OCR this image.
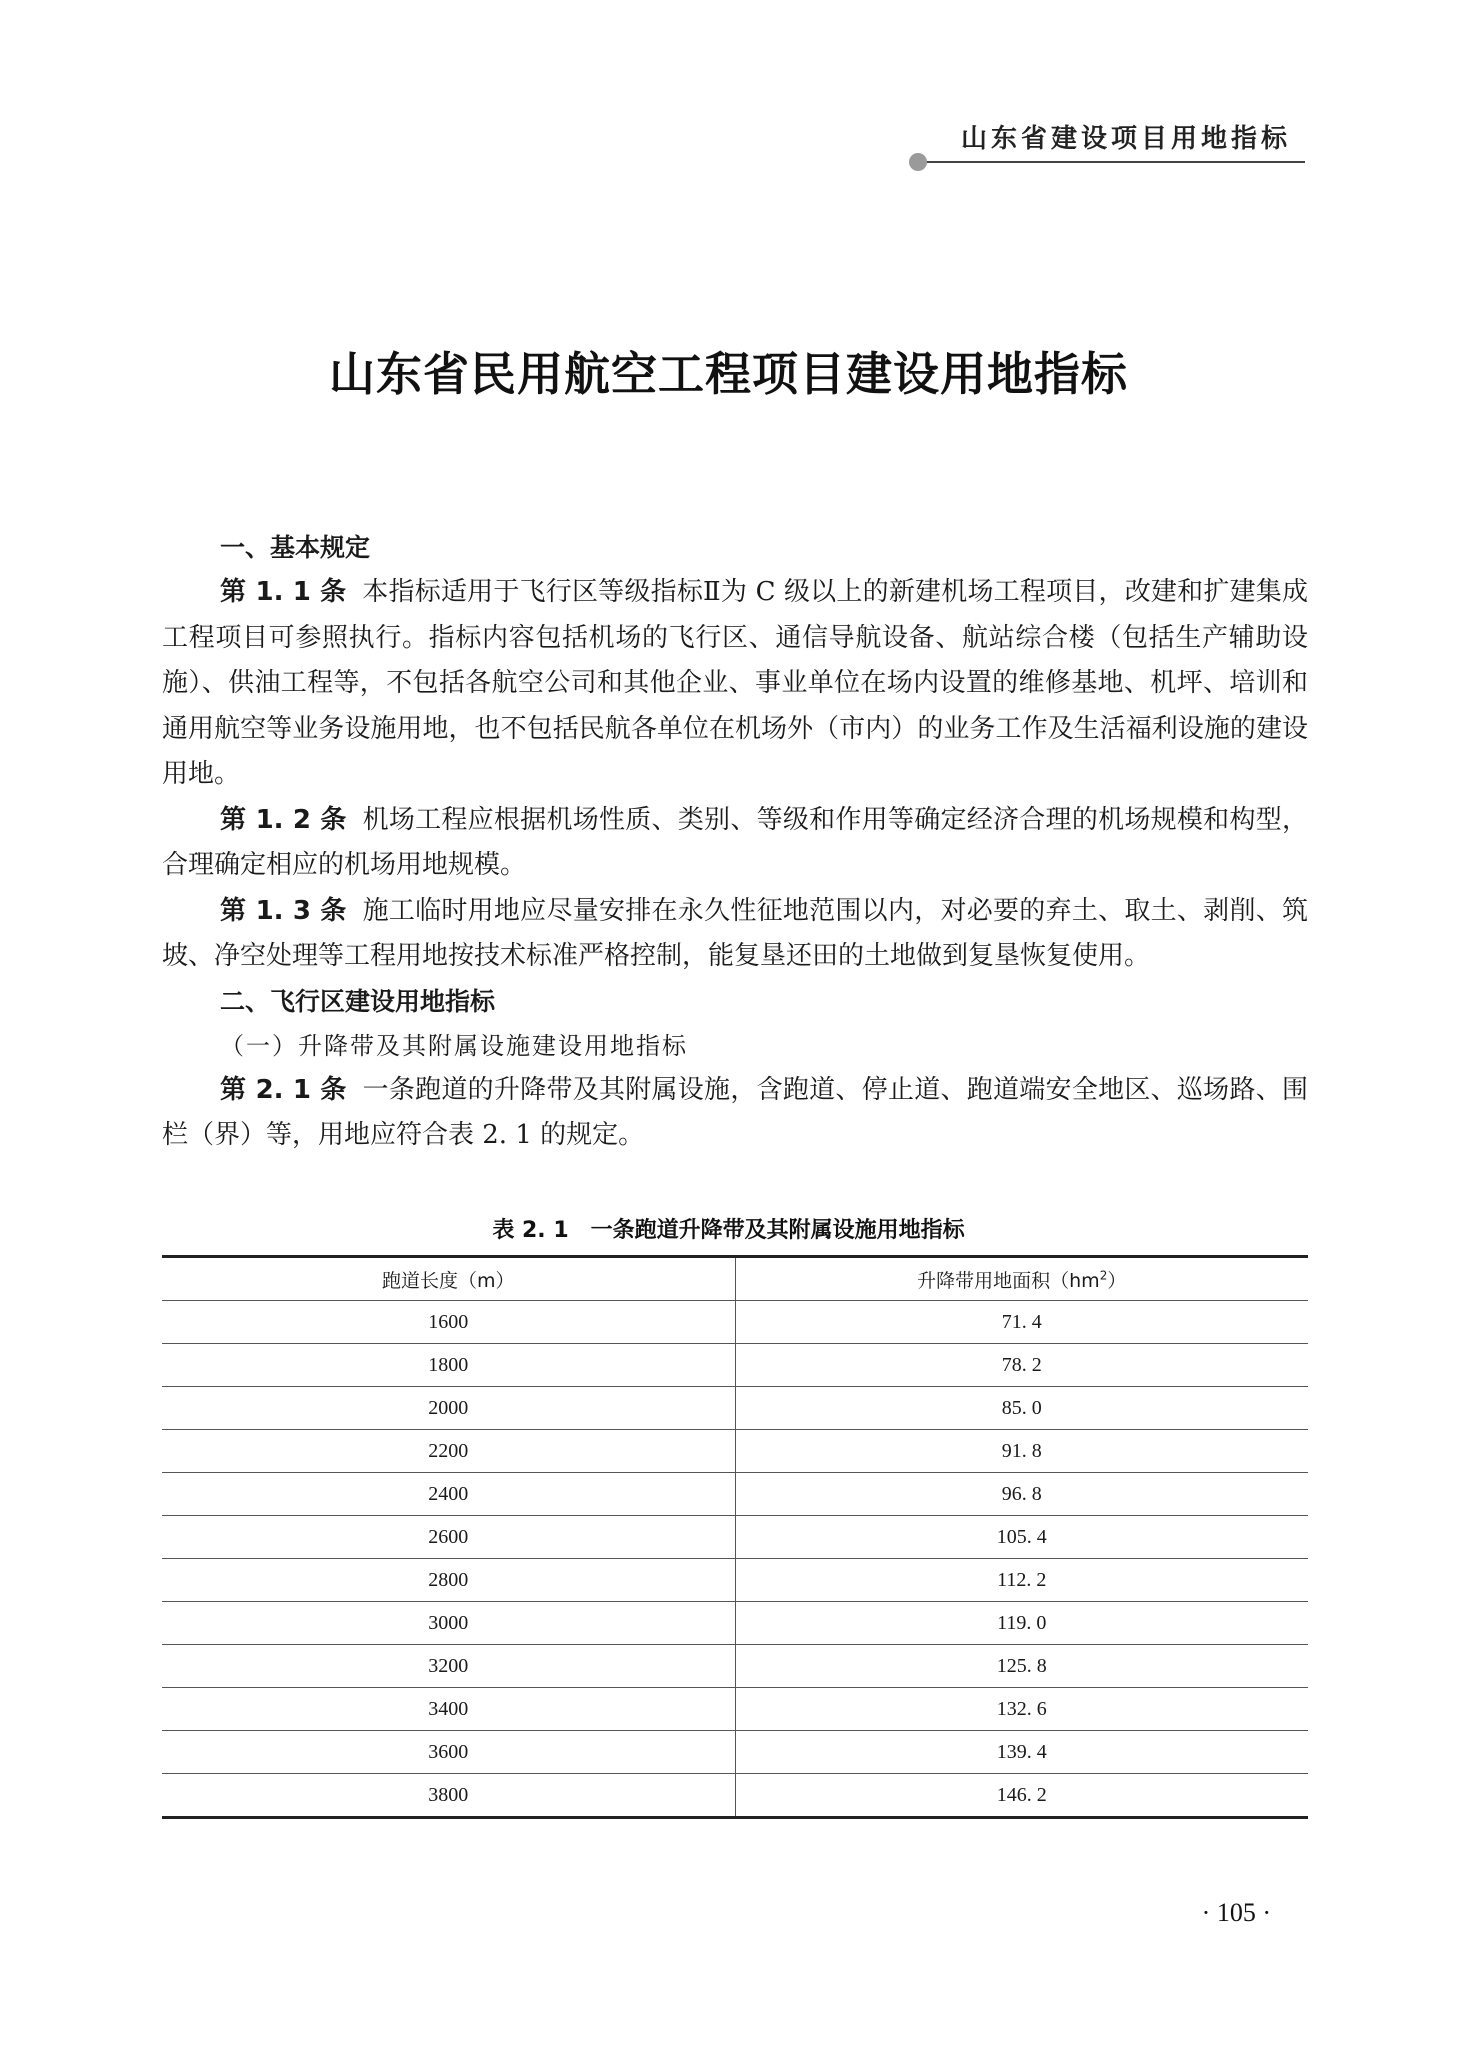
山东省建设项目用地指标
山东省民用航空工程项目建设用地指标

一、基本规定

第 1. 1 条 本指标适用于飞行区等级指标Ⅱ为 C 级以上的新建机场工程项目，改建和扩建集成工程项目可参照执行。指标内容包括机场的飞行区、通信导航设备、航站综合楼（包括生产辅助设施）、供油工程等，不包括各航空公司和其他企业、事业单位在场内设置的维修基地、机坪、培训和通用航空等业务设施用地，也不包括民航各单位在机场外（市内）的业务工作及生活福利设施的建设用地。

第 1. 2 条 机场工程应根据机场性质、类别、等级和作用等确定经济合理的机场规模和构型，合理确定相应的机场用地规模。

第 1. 3 条 施工临时用地应尽量安排在永久性征地范围以内，对必要的弃土、取土、剥削、筑坡、净空处理等工程用地按技术标准严格控制，能复垦还田的土地做到复垦恢复使用。

二、飞行区建设用地指标

（一）升降带及其附属设施建设用地指标

第 2. 1 条 一条跑道的升降带及其附属设施，含跑道、停止道、跑道端安全地区、巡场路、围栏（界）等，用地应符合表 2. 1 的规定。

表 2. 1　一条跑道升降带及其附属设施用地指标
跑道长度（m）	升降带用地面积$(hm^2)$
1600	71. 4
1800	78. 2
2000	85. 0
2200	91. 8
2400	96. 8
2600	105. 4
2800	112. 2
3000	119. 0
3200	125. 8
3400	132. 6
3600	139. 4
3800	146. 2
· 105 ·
